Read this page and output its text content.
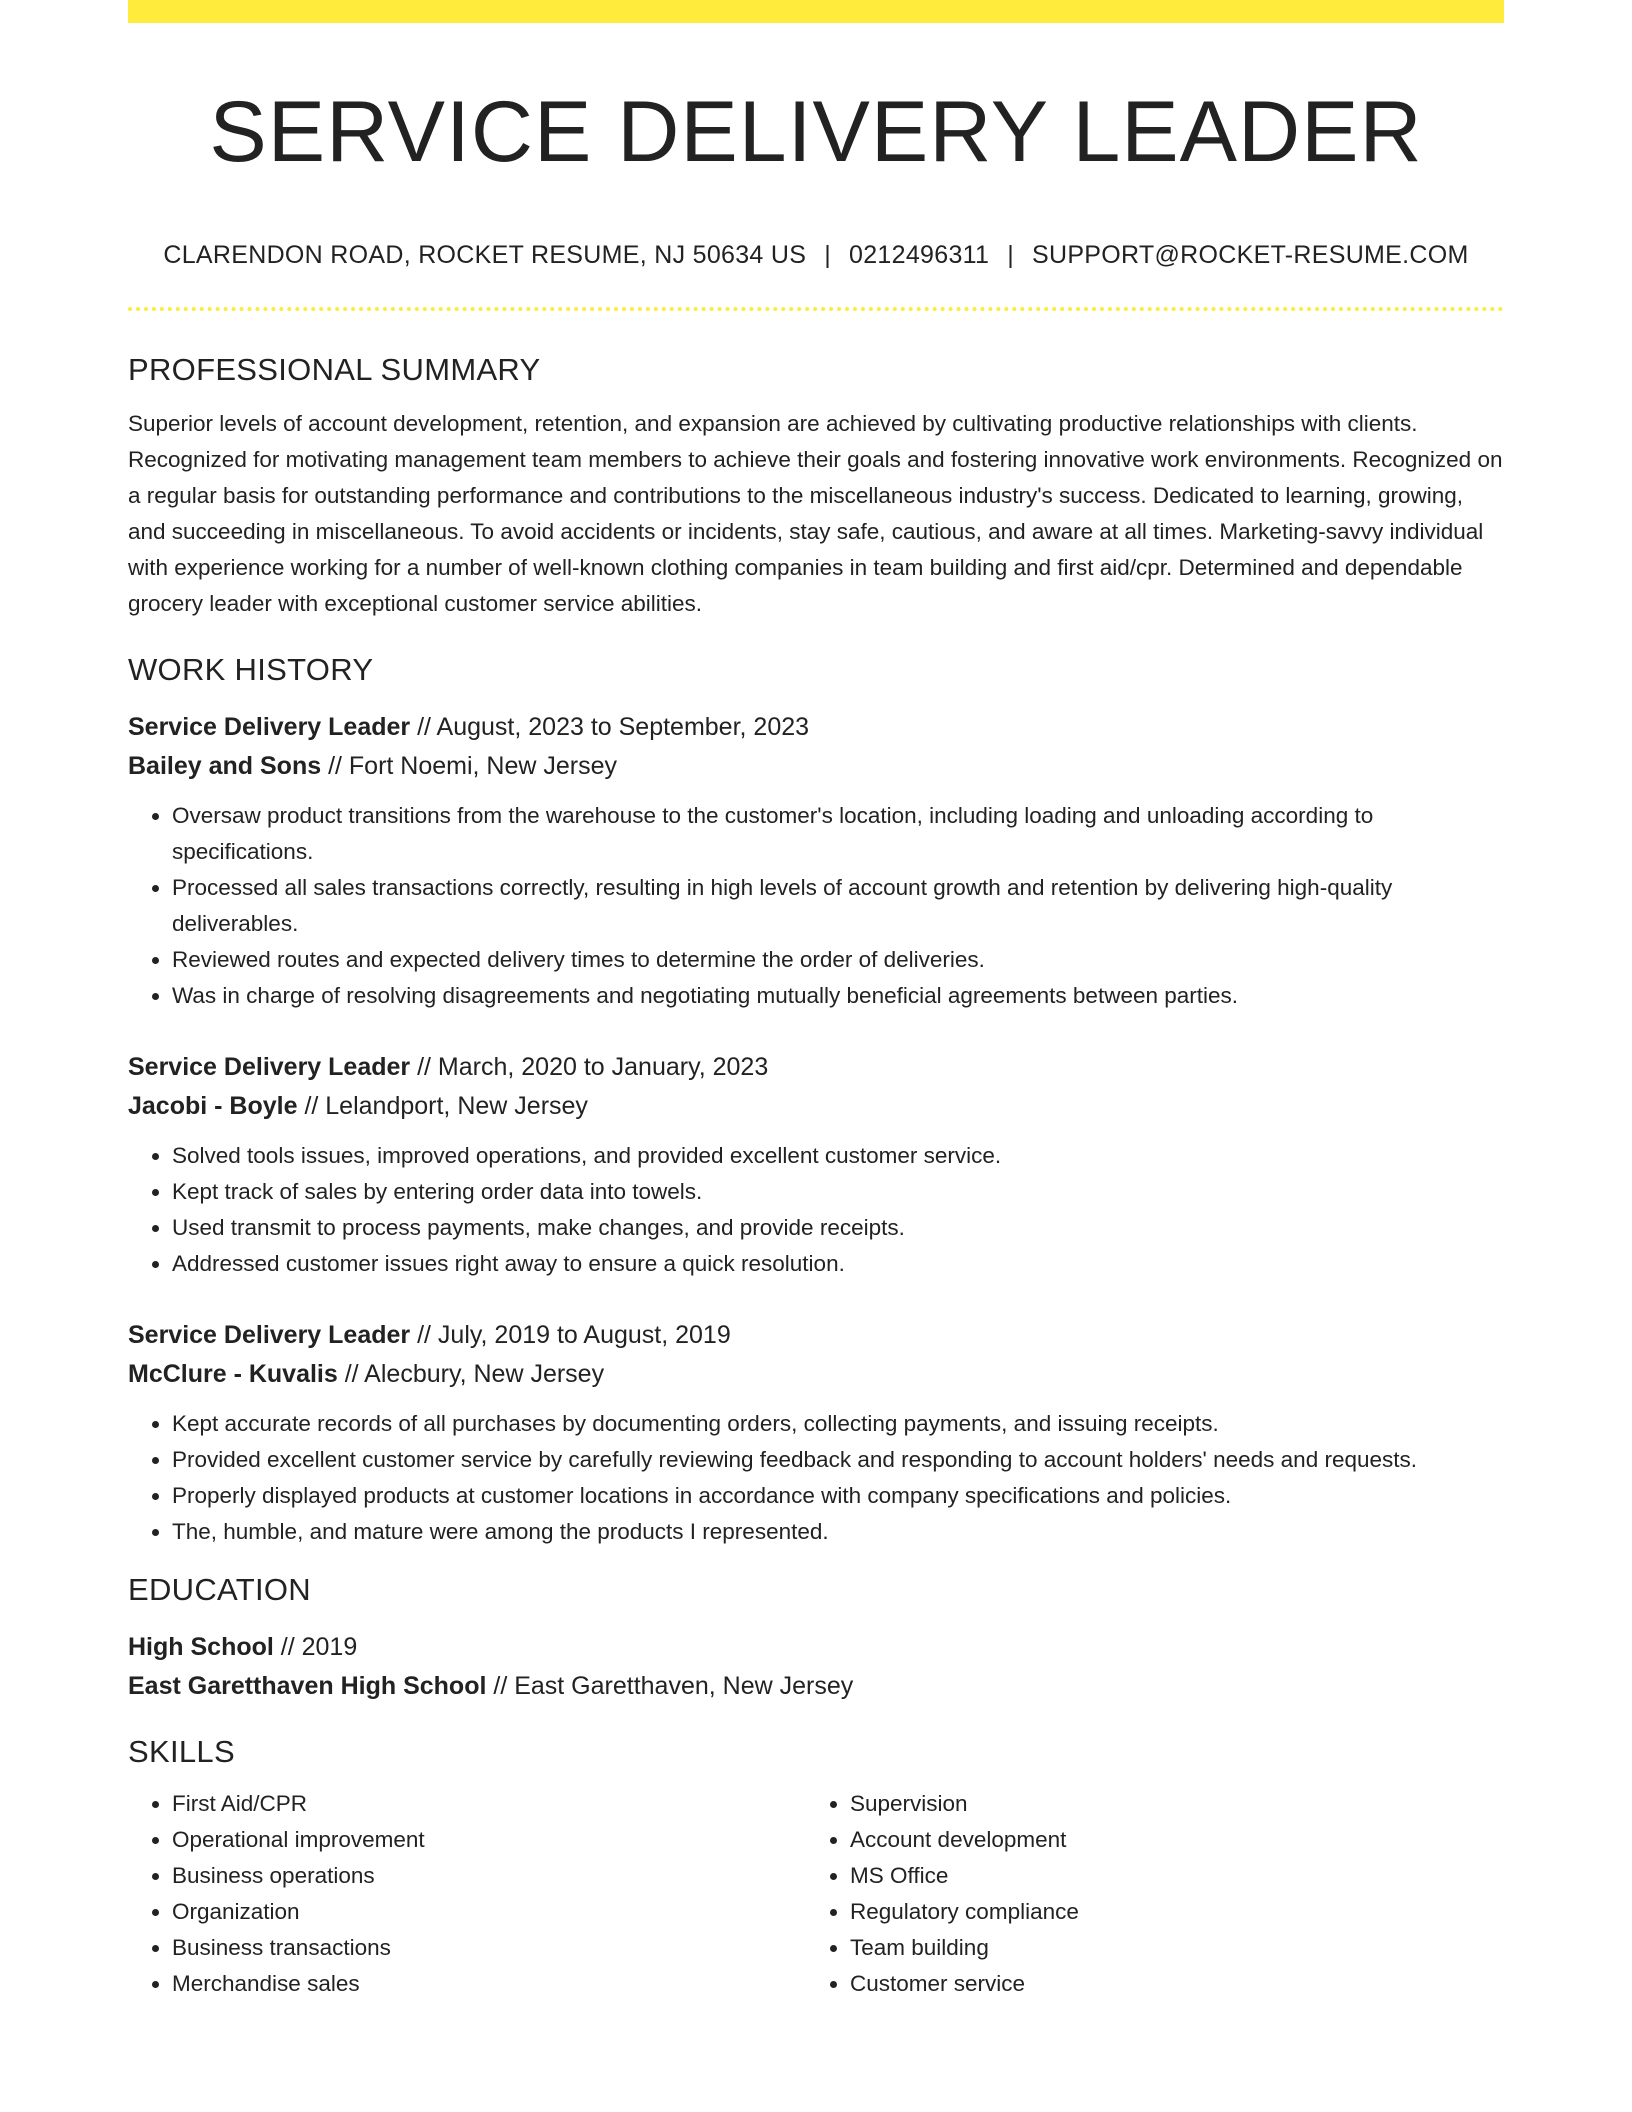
SERVICE DELIVERY LEADER
CLARENDON ROAD, ROCKET RESUME, NJ 50634 US | 0212496311 | SUPPORT@ROCKET-RESUME.COM
PROFESSIONAL SUMMARY

Superior levels of account development, retention, and expansion are achieved by cultivating productive relationships with clients. Recognized for motivating management team members to achieve their goals and fostering innovative work environments. Recognized on a regular basis for outstanding performance and contributions to the miscellaneous industry's success. Dedicated to learning, growing, and succeeding in miscellaneous. To avoid accidents or incidents, stay safe, cautious, and aware at all times. Marketing-savvy individual with experience working for a number of well-known clothing companies in team building and first aid/cpr. Determined and dependable grocery leader with exceptional customer service abilities.

WORK HISTORY
Service Delivery Leader // August, 2023 to September, 2023
Bailey and Sons // Fort Noemi, New Jersey
• Oversaw product transitions from the warehouse to the customer's location, including loading and unloading according to specifications.
• Processed all sales transactions correctly, resulting in high levels of account growth and retention by delivering high-quality deliverables.
• Reviewed routes and expected delivery times to determine the order of deliveries.
• Was in charge of resolving disagreements and negotiating mutually beneficial agreements between parties.
Service Delivery Leader // March, 2020 to January, 2023
Jacobi - Boyle // Lelandport, New Jersey
• Solved tools issues, improved operations, and provided excellent customer service.
• Kept track of sales by entering order data into towels.
• Used transmit to process payments, make changes, and provide receipts.
• Addressed customer issues right away to ensure a quick resolution.
Service Delivery Leader // July, 2019 to August, 2019
McClure - Kuvalis // Alecbury, New Jersey
• Kept accurate records of all purchases by documenting orders, collecting payments, and issuing receipts.
• Provided excellent customer service by carefully reviewing feedback and responding to account holders' needs and requests.
• Properly displayed products at customer locations in accordance with company specifications and policies.
• The, humble, and mature were among the products I represented.
EDUCATION
High School // 2019
East Garetthaven High School // East Garetthaven, New Jersey
SKILLS
• First Aid/CPR
• Operational improvement
• Business operations
• Organization
• Business transactions
• Merchandise sales
• Supervision
• Account development
• MS Office
• Regulatory compliance
• Team building
• Customer service
